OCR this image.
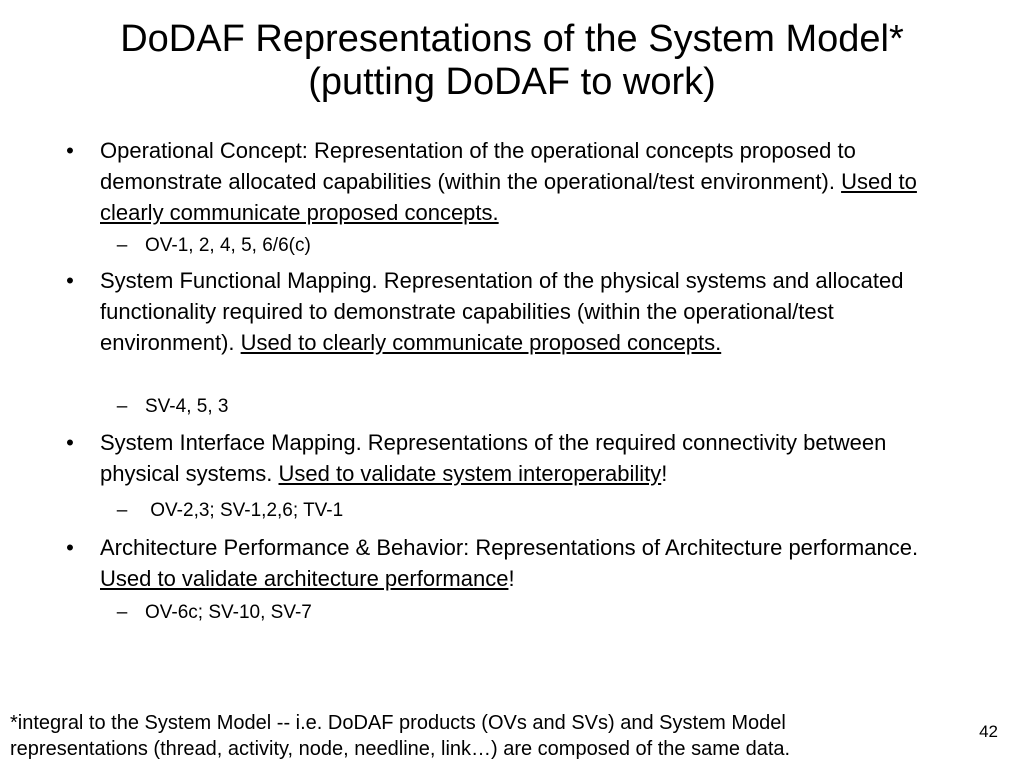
DoDAF Representations of the System Model*
(putting DoDAF to work)
• Operational Concept: Representation of the operational concepts proposed to demonstrate allocated capabilities (within the operational/test environment). Used to clearly communicate proposed concepts.
– OV-1, 2, 4, 5, 6/6(c)
• System Functional Mapping. Representation of the physical systems and allocated functionality required to demonstrate capabilities (within the operational/test environment). Used to clearly communicate proposed concepts.
– SV-4, 5, 3
• System Interface Mapping. Representations of the required connectivity between physical systems. Used to validate system interoperability!
– OV-2,3; SV-1,2,6; TV-1
• Architecture Performance & Behavior: Representations of Architecture performance. Used to validate architecture performance!
– OV-6c; SV-10, SV-7
*integral to the System Model -- i.e. DoDAF products (OVs and SVs) and System Model
representations (thread, activity, node, needline, link…) are composed of the same data.
42
